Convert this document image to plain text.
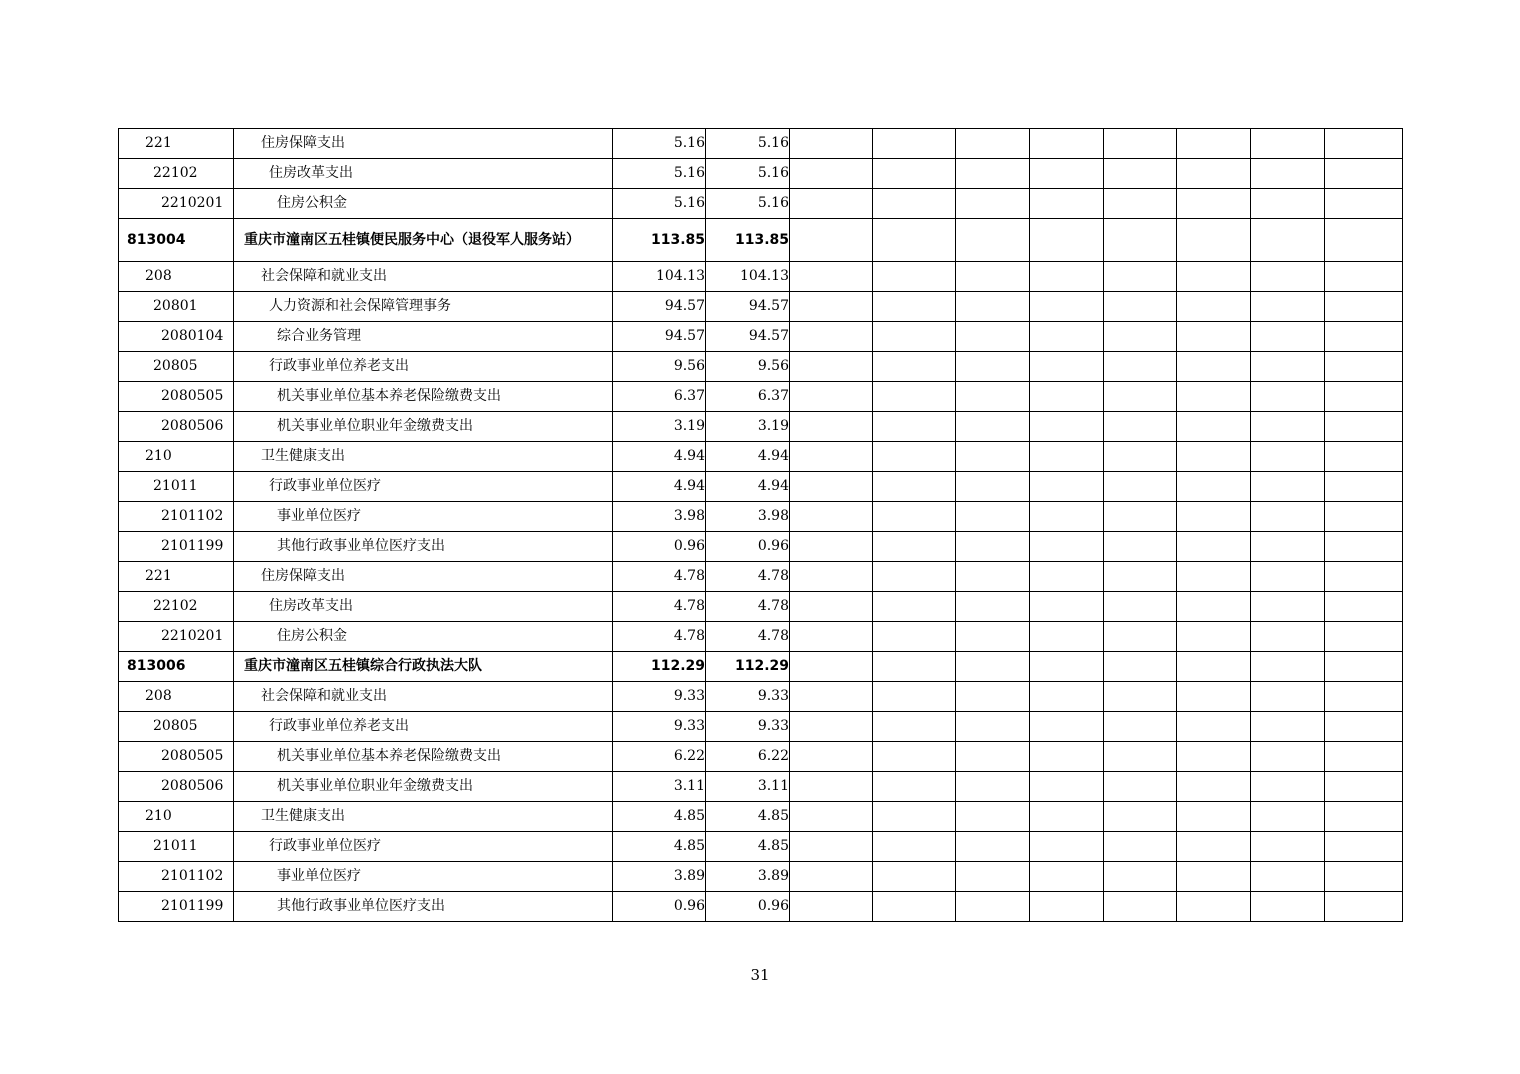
221	住房保障支出	5.16	5.16								
22102	住房改革支出	5.16	5.16								
2210201	住房公积金	5.16	5.16								
813004	重庆市潼南区五桂镇便民服务中心（退役军人服务站）	113.85	113.85								
208	社会保障和就业支出	104.13	104.13								
20801	人力资源和社会保障管理事务	94.57	94.57								
2080104	综合业务管理	94.57	94.57								
20805	行政事业单位养老支出	9.56	9.56								
2080505	机关事业单位基本养老保险缴费支出	6.37	6.37								
2080506	机关事业单位职业年金缴费支出	3.19	3.19								
210	卫生健康支出	4.94	4.94								
21011	行政事业单位医疗	4.94	4.94								
2101102	事业单位医疗	3.98	3.98								
2101199	其他行政事业单位医疗支出	0.96	0.96								
221	住房保障支出	4.78	4.78								
22102	住房改革支出	4.78	4.78								
2210201	住房公积金	4.78	4.78								
813006	重庆市潼南区五桂镇综合行政执法大队	112.29	112.29								
208	社会保障和就业支出	9.33	9.33								
20805	行政事业单位养老支出	9.33	9.33								
2080505	机关事业单位基本养老保险缴费支出	6.22	6.22								
2080506	机关事业单位职业年金缴费支出	3.11	3.11								
210	卫生健康支出	4.85	4.85								
21011	行政事业单位医疗	4.85	4.85								
2101102	事业单位医疗	3.89	3.89								
2101199	其他行政事业单位医疗支出	0.96	0.96								
31
